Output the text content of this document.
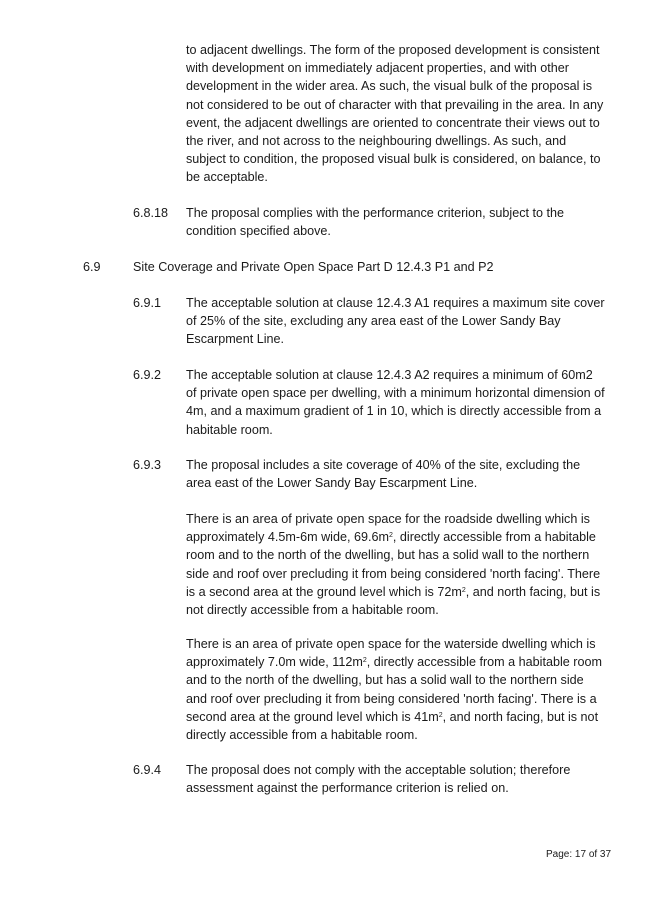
to adjacent dwellings. The form of the proposed development is consistent with development on immediately adjacent properties, and with other development in the wider area. As such, the visual bulk of the proposal is not considered to be out of character with that prevailing in the area. In any event, the adjacent dwellings are oriented to concentrate their views out to the river, and not across to the neighbouring dwellings. As such, and subject to condition, the proposed visual bulk is considered, on balance, to be acceptable.

6.8.18 The proposal complies with the performance criterion, subject to the condition specified above.

6.9	Site Coverage and Private Open Space Part D 12.4.3 P1 and P2
6.9.1 The acceptable solution at clause 12.4.3 A1 requires a maximum site cover of 25% of the site, excluding any area east of the Lower Sandy Bay Escarpment Line.

6.9.2 The acceptable solution at clause 12.4.3 A2 requires a minimum of 60m2 of private open space per dwelling, with a minimum horizontal dimension of 4m, and a maximum gradient of 1 in 10, which is directly accessible from a habitable room.

6.9.3 The proposal includes a site coverage of 40% of the site, excluding the area east of the Lower Sandy Bay Escarpment Line.

There is an area of private open space for the roadside dwelling which is approximately 4.5m-6m wide, $69.6m^2$, directly accessible from a habitable room and to the north of the dwelling, but has a solid wall to the northern side and roof over precluding it from being considered 'north facing'. There is a second area at the ground level which is $72m^2$, and north facing, but is not directly accessible from a habitable room.

There is an area of private open space for the waterside dwelling which is approximately 7.0m wide, $112m^2$, directly accessible from a habitable room and to the north of the dwelling, but has a solid wall to the northern side and roof over precluding it from being considered 'north facing'. There is a second area at the ground level which is $41m^2$, and north facing, but is not directly accessible from a habitable room.

6.9.4 The proposal does not comply with the acceptable solution; therefore assessment against the performance criterion is relied on.

Page: 17 of 37
